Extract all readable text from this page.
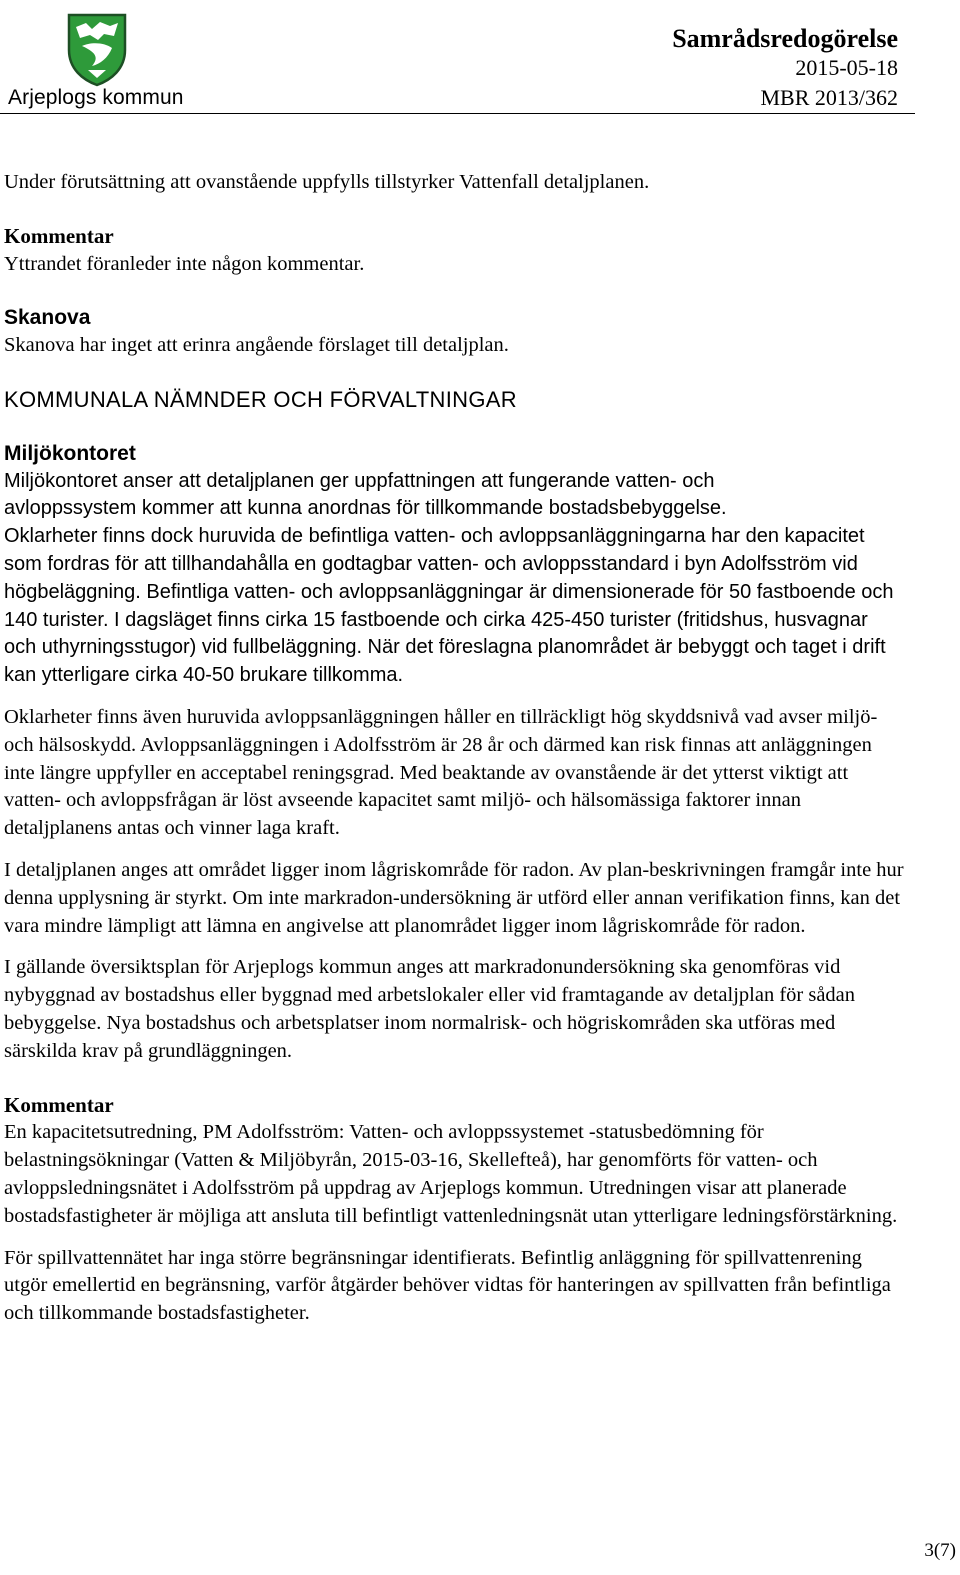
Arjeplogs kommun
Samrådsredogörelse
2015-05-18
MBR 2013/362

Under förutsättning att ovanstående uppfylls tillstyrker Vattenfall detaljplanen.

Kommentar

Yttrandet föranleder inte någon kommentar.

Skanova

Skanova har inget att erinra angående förslaget till detaljplan.

KOMMUNALA NÄMNDER OCH FÖRVALTNINGAR

Miljökontoret

Miljökontoret anser att detaljplanen ger uppfattningen att fungerande vatten- och

avloppssystem kommer att kunna anordnas för tillkommande bostadsbebyggelse.

Oklarheter finns dock huruvida de befintliga vatten- och avloppsanläggningarna har den kapacitet som fordras för att tillhandahålla en godtagbar vatten- och avloppsstandard i byn Adolfsström vid högbeläggning. Befintliga vatten- och avloppsanläggningar är dimensionerade för 50 fastboende och 140 turister. I dagsläget finns cirka 15 fastboende och cirka 425-450 turister (fritidshus, husvagnar och uthyrningsstugor) vid fullbeläggning. När det föreslagna planområdet är bebyggt och taget i drift kan ytterligare cirka 40-50 brukare tillkomma.

Oklarheter finns även huruvida avloppsanläggningen håller en tillräckligt hög skyddsnivå vad avser miljö- och hälsoskydd. Avloppsanläggningen i Adolfsström är 28 år och därmed kan risk finnas att anläggningen inte längre uppfyller en acceptabel reningsgrad. Med beaktande av ovanstående är det ytterst viktigt att vatten- och avloppsfrågan är löst avseende kapacitet samt miljö- och hälsomässiga faktorer innan detaljplanens antas och vinner laga kraft.

I detaljplanen anges att området ligger inom lågriskområde för radon. Av plan-beskrivningen framgår inte hur denna upplysning är styrkt. Om inte markradon-undersökning är utförd eller annan verifikation finns, kan det vara mindre lämpligt att lämna en angivelse att planområdet ligger inom lågriskområde för radon.

I gällande översiktsplan för Arjeplogs kommun anges att markradonundersökning ska genomföras vid nybyggnad av bostadshus eller byggnad med arbetslokaler eller vid framtagande av detaljplan för sådan bebyggelse. Nya bostadshus och arbetsplatser inom normalrisk- och högriskområden ska utföras med särskilda krav på grundläggningen.

Kommentar

En kapacitetsutredning, PM Adolfsström: Vatten- och avloppssystemet -statusbedömning för belastningsökningar (Vatten & Miljöbyrån, 2015-03-16, Skellefteå), har genomförts för vatten- och avloppsledningsnätet i Adolfsström på uppdrag av Arjeplogs kommun. Utredningen visar att planerade bostadsfastigheter är möjliga att ansluta till befintligt vattenledningsnät utan ytterligare ledningsförstärkning.

För spillvattennätet har inga större begränsningar identifierats. Befintlig anläggning för spillvattenrening utgör emellertid en begränsning, varför åtgärder behöver vidtas för hanteringen av spillvatten från befintliga och tillkommande bostadsfastigheter.

3(7)
